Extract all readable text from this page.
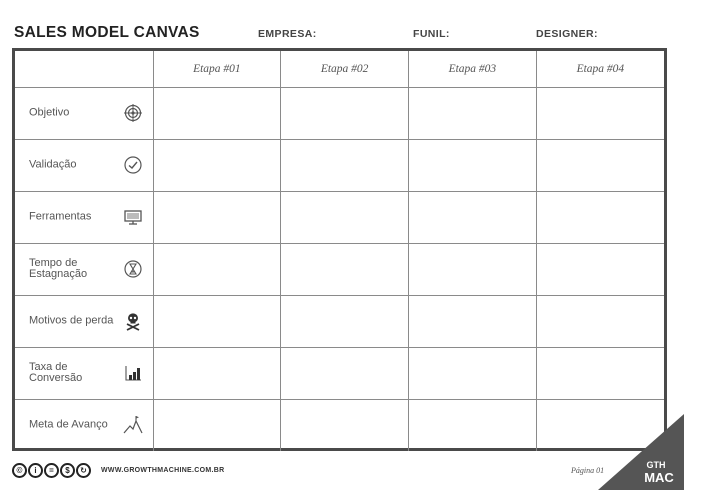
SALES MODEL CANVAS	EMPRESA:	FUNIL:	DESIGNER:
	Etapa #01	Etapa #02	Etapa #03	Etapa #04

Objetivo				

Validação				

Ferramentas				

Tempo de Estagnação				

Motivos de perda				

Taxa de Conversão				

Meta de Avanço				

©	i	=	$	↻	WWW.GROWTHMACHINE.COM.BR	Página 01
GTH
MAC
